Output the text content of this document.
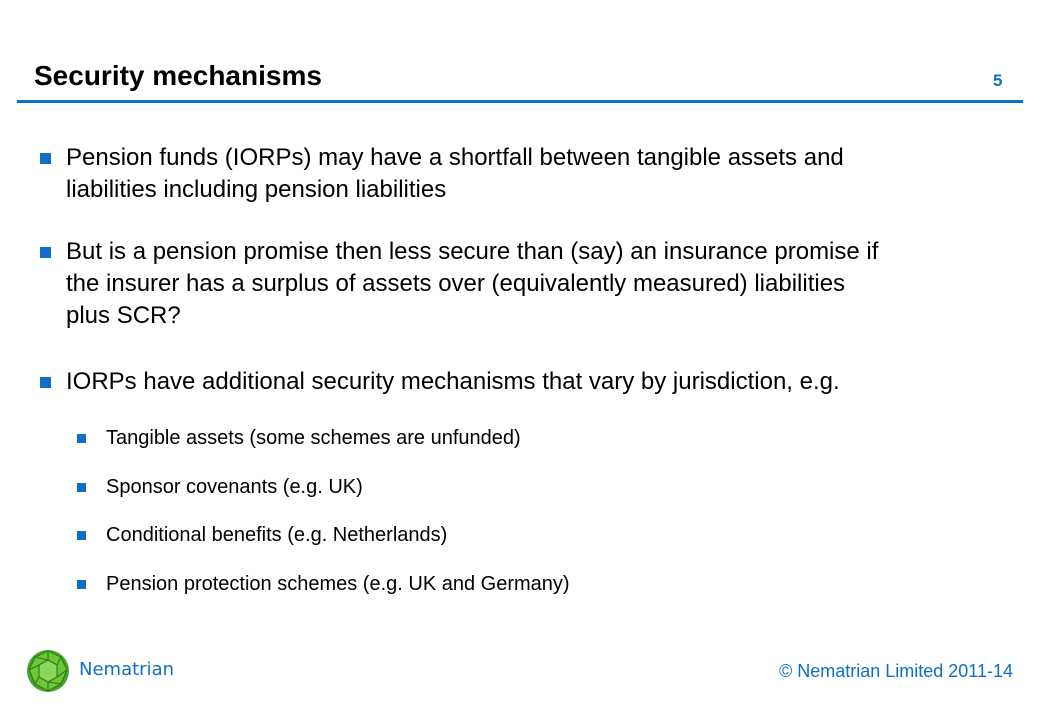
Security mechanisms	5
Pension funds (IORPs) may have a shortfall between tangible assets and
liabilities including pension liabilities
But is a pension promise then less secure than (say) an insurance promise if
the insurer has a surplus of assets over (equivalently measured) liabilities
plus SCR?
IORPs have additional security mechanisms that vary by jurisdiction, e.g.
Tangible assets (some schemes are unfunded)
Sponsor covenants (e.g. UK)
Conditional benefits (e.g. Netherlands)
Pension protection schemes (e.g. UK and Germany)
Nematrian	© Nematrian Limited 2011-14
